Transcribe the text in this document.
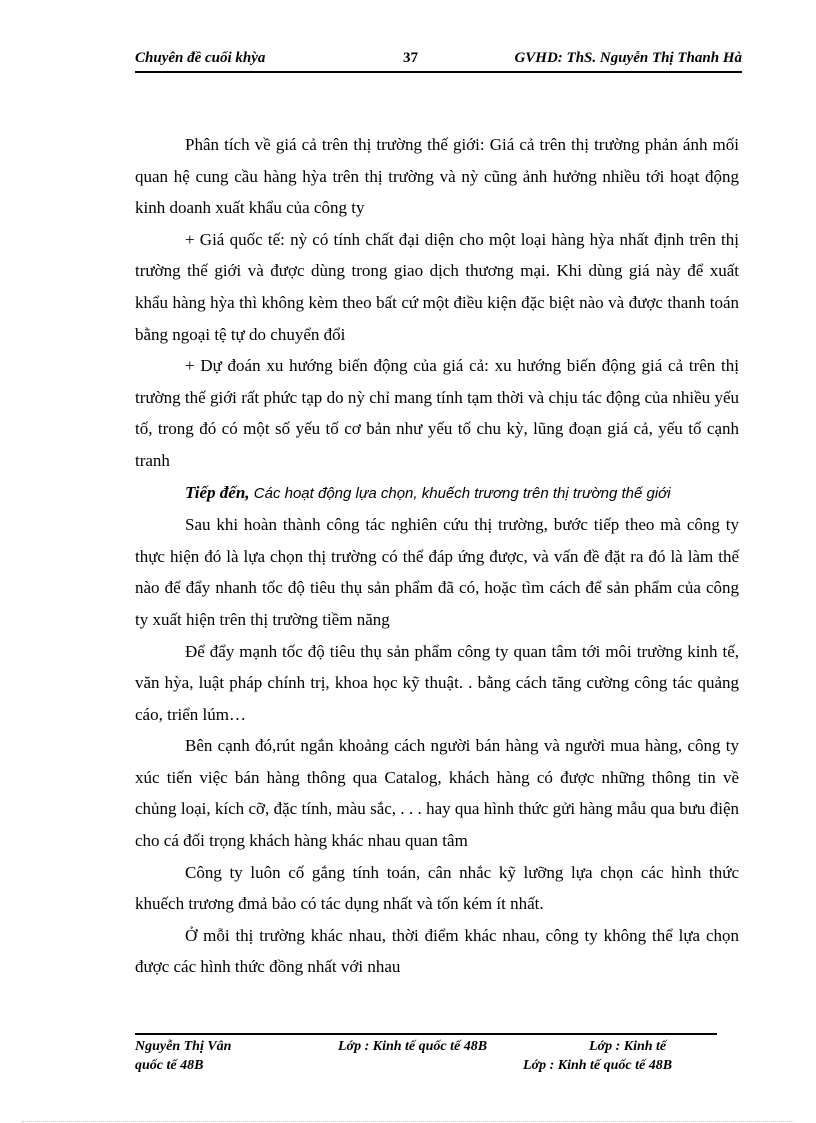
Chuyên đề cuối khỳa	37	GVHD: ThS. Nguyễn Thị Thanh Hà

Phân tích về giá cả trên thị trường thế giới: Giá cả trên thị trường phản ánh mối quan hệ cung cầu hàng hỳa trên thị trường và nỳ cũng ảnh hưởng nhiều tới hoạt động kinh doanh xuất khẩu của công ty

+ Giá quốc tế: nỳ có tính chất đại diện cho một loại hàng hỳa nhất định trên thị trường thế giới và được dùng trong giao dịch thương mại. Khi dùng giá này để xuất khẩu hàng hỳa thì không kèm theo bất cứ một điều kiện đặc biệt nào và được thanh toán bằng ngoại tệ tự do chuyển đổi

+ Dự đoán xu hướng biến động của giá cả: xu hướng biến động giá cả trên thị trường thế giới rất phức tạp do nỳ chỉ mang tính tạm thời và chịu tác động của nhiều yếu tố, trong đó có một số yếu tố cơ bản như yếu tố chu kỳ, lũng đoạn giá cả, yếu tố cạnh tranh

Tiếp đến, Các hoạt động lựa chọn, khuếch trương trên thị trường thế giới

Sau khi hoàn thành công tác nghiên cứu thị trường, bước tiếp theo mà công ty thực hiện đó là lựa chọn thị trường có thể đáp ứng được, và vấn đề đặt ra đó là làm thế nào để đẩy nhanh tốc độ tiêu thụ sản phẩm đã có, hoặc tìm cách để sản phẩm của công ty xuất hiện trên thị trường tiềm năng

Để đẩy mạnh tốc độ tiêu thụ sản phẩm công ty quan tâm tới môi trường kinh tế, văn hỳa, luật pháp chính trị, khoa học kỹ thuật. . bằng cách tăng cường công tác quảng cáo, triển lúm…

Bên cạnh đó,rút ngắn khoảng cách người bán hàng và người mua hàng, công ty xúc tiến việc bán hàng thông qua Catalog, khách hàng có được những thông tin về chủng loại, kích cỡ, đặc tính, màu sắc, . . . hay qua hình thức gửi hàng mẫu qua bưu điện cho cá đối trọng khách hàng khác nhau quan tâm

Công ty luôn cố gắng tính toán, cân nhắc kỹ lưỡng lựa chọn các hình thức khuếch trương đmả bảo có tác dụng nhất và tốn kém ít nhất.

Ở mỗi thị trường khác nhau, thời điểm khác nhau, công ty không thể lựa chọn được các hình thức đồng nhất với nhau

Nguyễn Thị Vân	Lớp : Kinh tế quốc tế 48B	Lớp : Kinh tế
quốc tế 48B	Lớp : Kinh tế quốc tế 48B
